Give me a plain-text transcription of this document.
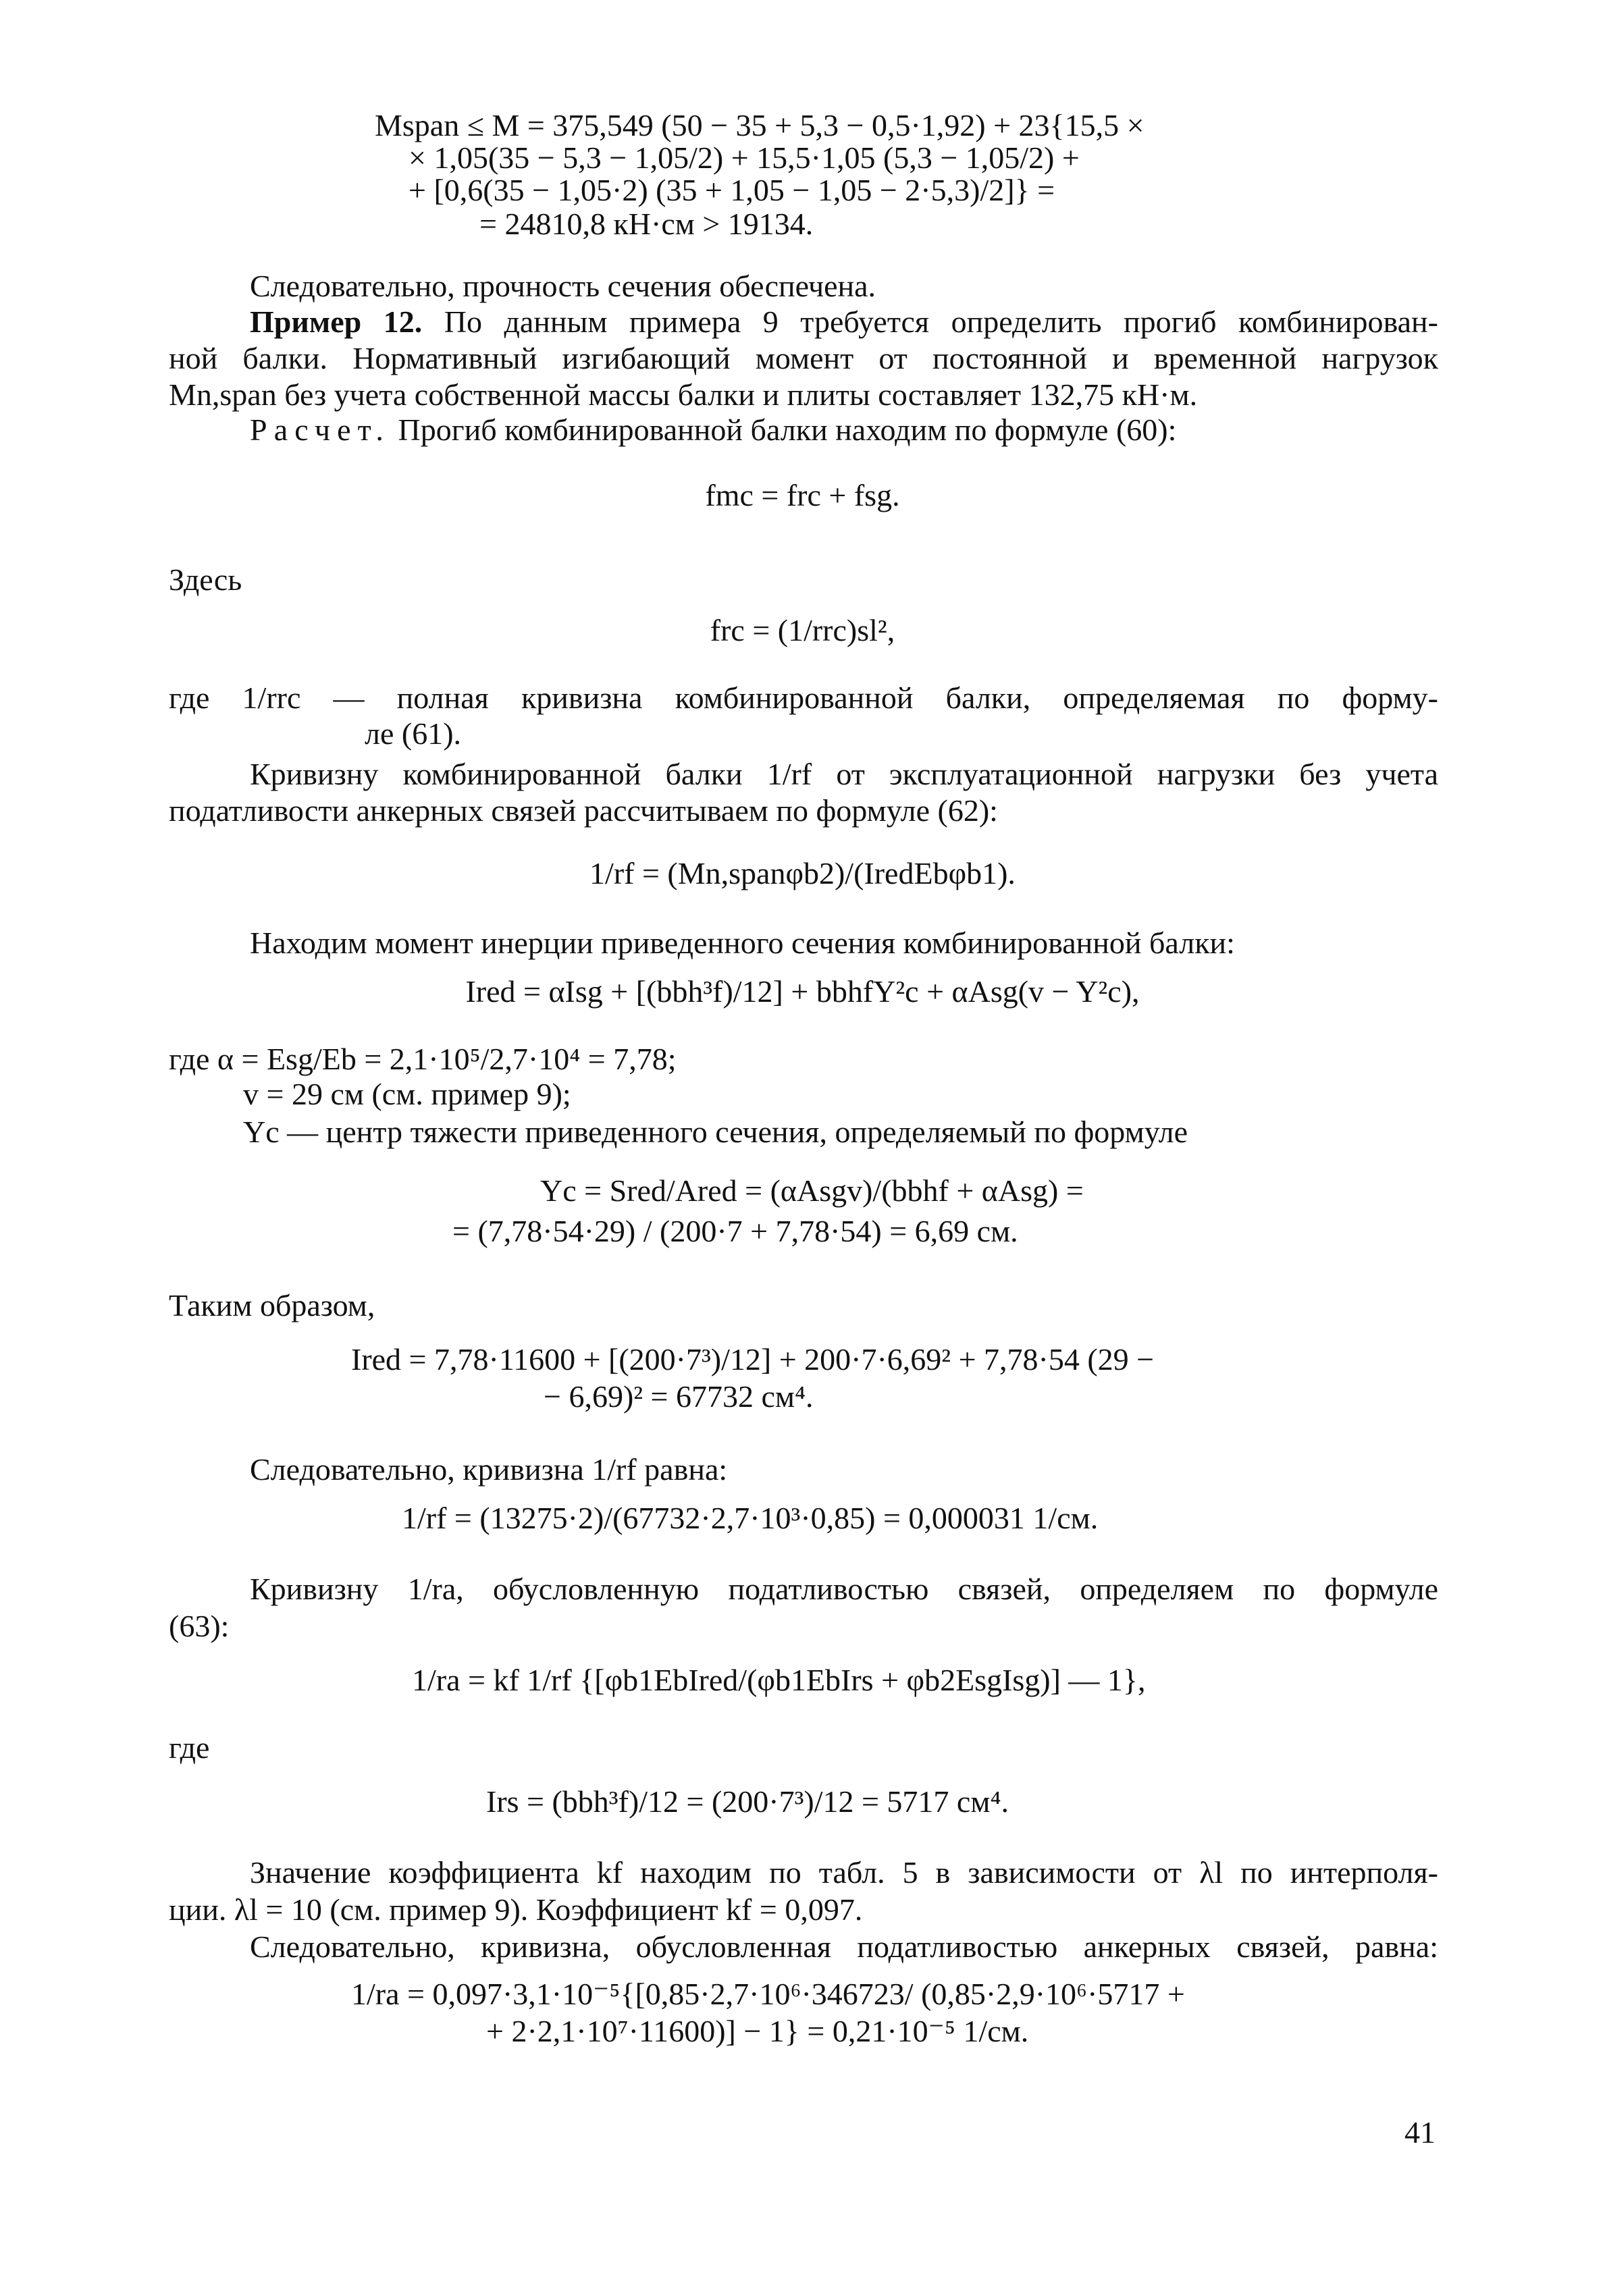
Mspan ≤ M = 375,549 (50 − 35 + 5,3 − 0,5·1,92) + 23{15,5 ×
× 1,05(35 − 5,3 − 1,05/2) + 15,5·1,05 (5,3 − 1,05/2) +
+ [0,6(35 − 1,05·2) (35 + 1,05 − 1,05 − 2·5,3)/2]} =
= 24810,8 кН·см > 19134.
Следовательно, прочность сечения обеспечена.
Пример 12. По данным примера 9 требуется определить прогиб комбинирован-
ной балки. Нормативный изгибающий момент от постоянной и временной нагрузок
Mn,span без учета собственной массы балки и плиты составляет 132,75 кН·м.
Расчет. Прогиб комбинированной балки находим по формуле (60):
fmc = frc + fsg.
Здесь
frc = (1/rrc)sl²,
где 1/rrc — полная кривизна комбинированной балки, определяемая по форму-
ле (61).
Кривизну комбинированной балки 1/rf от эксплуатационной нагрузки без учета
податливости анкерных связей рассчитываем по формуле (62):
1/rf = (Mn,spanφb2)/(IredEbφb1).
Находим момент инерции приведенного сечения комбинированной балки:
Ired = αIsg + [(bbh³f)/12] + bbhfY²c + αAsg(v − Y²c),
где α = Esg/Eb = 2,1·10⁵/2,7·10⁴ = 7,78;
v = 29 см (см. пример 9);
Yc — центр тяжести приведенного сечения, определяемый по формуле
Yc = Sred/Ared = (αAsgv)/(bbhf + αAsg) =
= (7,78·54·29) / (200·7 + 7,78·54) = 6,69 см.
Таким образом,
Ired = 7,78·11600 + [(200·7³)/12] + 200·7·6,69² + 7,78·54 (29 −
− 6,69)² = 67732 см⁴.
Следовательно, кривизна 1/rf равна:
1/rf = (13275·2)/(67732·2,7·10³·0,85) = 0,000031 1/см.
Кривизну 1/ra, обусловленную податливостью связей, определяем по формуле
(63):
1/ra = kf 1/rf {[φb1EbIred/(φb1EbIrs + φb2EsgIsg)] — 1},
где
Irs = (bbh³f)/12 = (200·7³)/12 = 5717 см⁴.
Значение коэффициента kf находим по табл. 5 в зависимости от λl по интерполя-
ции. λl = 10 (см. пример 9). Коэффициент kf = 0,097.
Следовательно, кривизна, обусловленная податливостью анкерных связей, равна:
1/ra = 0,097·3,1·10⁻⁵{[0,85·2,7·10⁶·346723/ (0,85·2,9·10⁶·5717 +
+ 2·2,1·10⁷·11600)] − 1} = 0,21·10⁻⁵ 1/см.
41
